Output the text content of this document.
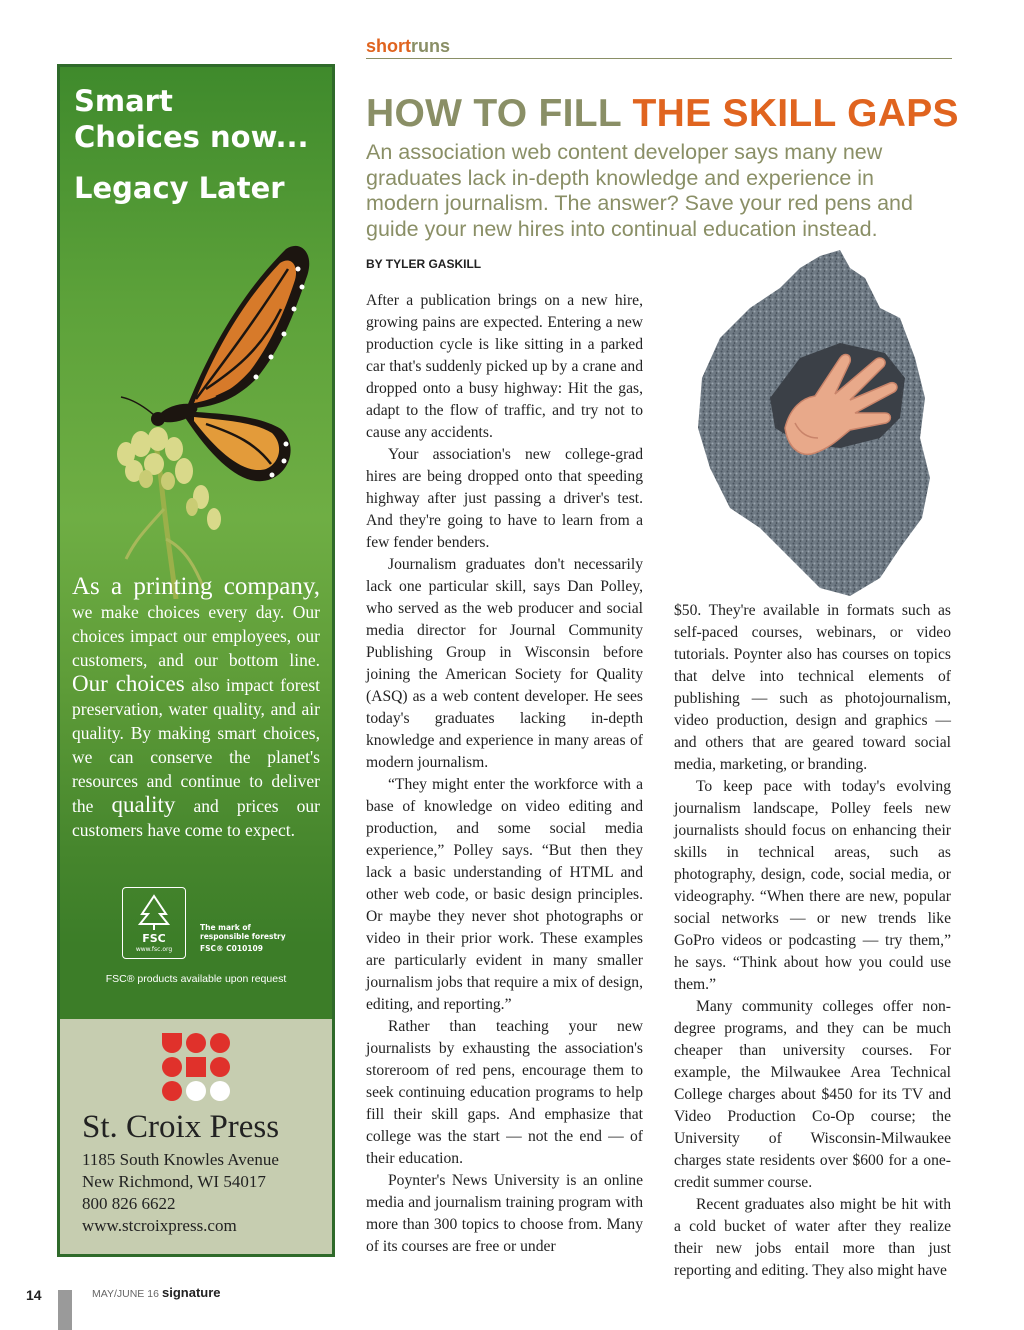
Smart
Choices now...
Legacy Later
As a printing company, we make choices every day. Our choices impact our employees, our customers, and our bottom line. Our choices also impact forest preservation, water quality, and air quality. By making smart choices, we can conserve the planet's resources and continue to deliver the quality and prices our customers have come to expect.
FSC
www.fsc.org
The mark of
responsible forestry
FSC® C010109
FSC® products available upon request
St. Croix Press
1185 South Knowles Avenue
New Richmond, WI 54017
800 826 6622
www.stcroixpress.com
shortruns
HOW TO FILL THE SKILL GAPS
An association web content developer says many new graduates lack in-depth knowledge and experience in modern journalism. The answer? Save your red pens and guide your new hires into continual education instead.
BY TYLER GASKILL

After a publication brings on a new hire, growing pains are expected. Entering a new production cycle is like sitting in a parked car that's suddenly picked up by a crane and dropped onto a busy highway: Hit the gas, adapt to the flow of traffic, and try not to cause any accidents.

Your association's new college-grad hires are being dropped onto that speeding highway after just passing a driver's test. And they're going to have to learn from a few fender benders.

Journalism graduates don't necessarily lack one particular skill, says Dan Polley, who served as the web producer and social media director for Journal Community Publishing Group in Wisconsin before joining the American Society for Quality (ASQ) as a web content developer. He sees today's graduates lacking in-depth knowledge and experience in many areas of modern journalism.

“They might enter the workforce with a base of knowledge on video editing and production, and some social media experience,” Polley says. “But then they lack a basic understanding of HTML and other web code, or basic design principles. Or maybe they never shot photographs or video in their prior work. These examples are particularly evident in many smaller journalism jobs that require a mix of design, editing, and reporting.”

Rather than teaching your new journalists by exhausting the association's storeroom of red pens, encourage them to seek continuing education programs to help fill their skill gaps. And emphasize that college was the start — not the end — of their education.

Poynter's News University is an online media and journalism training program with more than 300 topics to choose from. Many of its courses are free or under

$50. They're available in formats such as self-paced courses, webinars, or video tutorials. Poynter also has courses on topics that delve into technical elements of publishing — such as photojournalism, video production, design and graphics — and others that are geared toward social media, marketing, or branding.

To keep pace with today's evolving journalism landscape, Polley feels new journalists should focus on enhancing their skills in technical areas, such as photography, design, code, social media, or videography. “When there are new, popular social networks — or new trends like GoPro videos or podcasting — try them,” he says. “Think about how you could use them.”

Many community colleges offer non-degree programs, and they can be much cheaper than university courses. For example, the Milwaukee Area Technical College charges about $450 for its TV and Video Production Co-Op course; the University of Wisconsin-Milwaukee charges state residents over $600 for a one-credit summer course.

Recent graduates also might be hit with a cold bucket of water after they realize their new jobs entail more than just reporting and editing. They also might have

14	MAY/JUNE 16 signature
